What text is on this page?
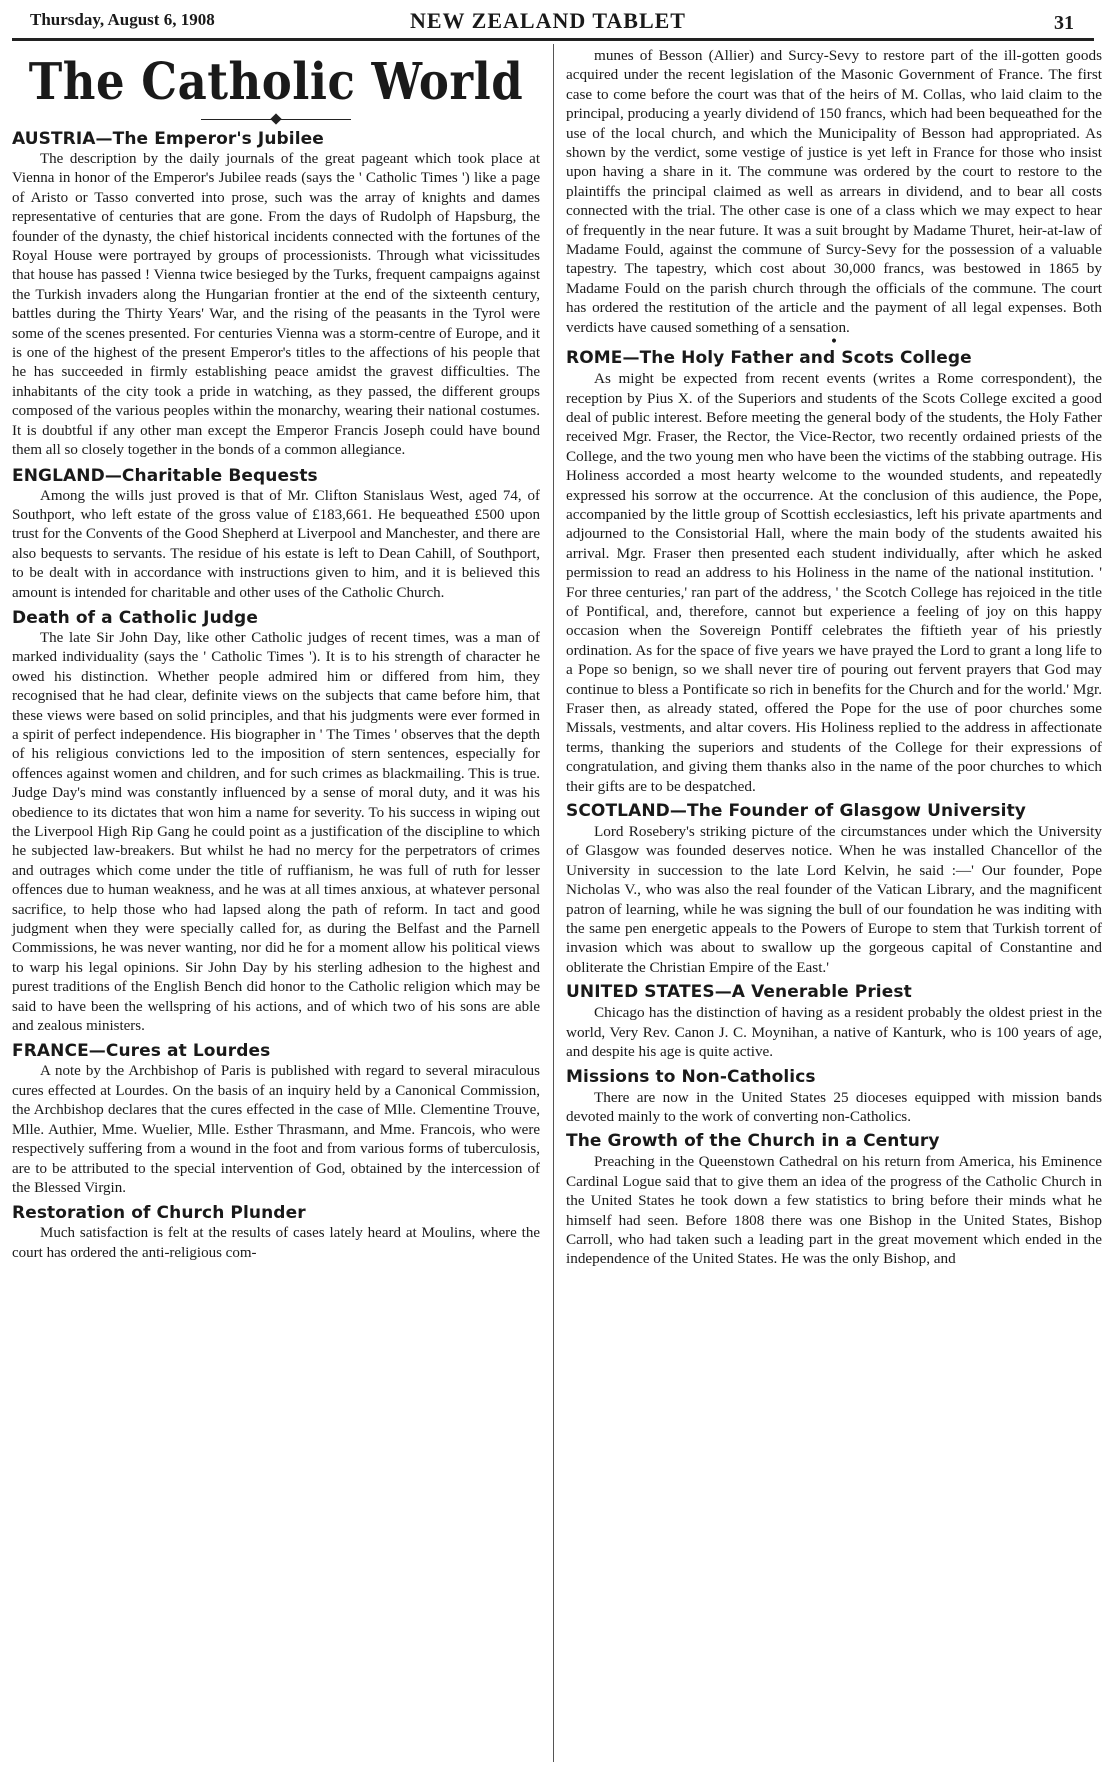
Thursday, August 6, 1908	NEW ZEALAND TABLET	31
The Catholic World
AUSTRIA—The Emperor's Jubilee

The description by the daily journals of the great pageant which took place at Vienna in honor of the Emperor's Jubilee reads (says the ' Catholic Times ') like a page of Aristo or Tasso converted into prose, such was the array of knights and dames representative of centuries that are gone. From the days of Rudolph of Hapsburg, the founder of the dynasty, the chief historical incidents connected with the fortunes of the Royal House were portrayed by groups of processionists. Through what vicissitudes that house has passed ! Vienna twice besieged by the Turks, frequent campaigns against the Turkish invaders along the Hungarian frontier at the end of the sixteenth century, battles during the Thirty Years' War, and the rising of the peasants in the Tyrol were some of the scenes presented. For centuries Vienna was a storm-centre of Europe, and it is one of the highest of the present Emperor's titles to the affections of his people that he has succeeded in firmly establishing peace amidst the gravest difficulties. The inhabitants of the city took a pride in watching, as they passed, the different groups composed of the various peoples within the monarchy, wearing their national costumes. It is doubtful if any other man except the Emperor Francis Joseph could have bound them all so closely together in the bonds of a common allegiance.

ENGLAND—Charitable Bequests

Among the wills just proved is that of Mr. Clifton Stanislaus West, aged 74, of Southport, who left estate of the gross value of £183,661. He bequeathed £500 upon trust for the Convents of the Good Shepherd at Liverpool and Manchester, and there are also bequests to servants. The residue of his estate is left to Dean Cahill, of Southport, to be dealt with in accordance with instructions given to him, and it is believed this amount is intended for charitable and other uses of the Catholic Church.

Death of a Catholic Judge

The late Sir John Day, like other Catholic judges of recent times, was a man of marked individuality (says the ' Catholic Times '). It is to his strength of character he owed his distinction. Whether people admired him or differed from him, they recognised that he had clear, definite views on the subjects that came before him, that these views were based on solid principles, and that his judgments were ever formed in a spirit of perfect independence. His biographer in ' The Times ' observes that the depth of his religious convictions led to the imposition of stern sentences, especially for offences against women and children, and for such crimes as blackmailing. This is true. Judge Day's mind was constantly influenced by a sense of moral duty, and it was his obedience to its dictates that won him a name for severity. To his success in wiping out the Liverpool High Rip Gang he could point as a justification of the discipline to which he subjected law-breakers. But whilst he had no mercy for the perpetrators of crimes and outrages which come under the title of ruffianism, he was full of ruth for lesser offences due to human weakness, and he was at all times anxious, at whatever personal sacrifice, to help those who had lapsed along the path of reform. In tact and good judgment when they were specially called for, as during the Belfast and the Parnell Commissions, he was never wanting, nor did he for a moment allow his political views to warp his legal opinions. Sir John Day by his sterling adhesion to the highest and purest traditions of the English Bench did honor to the Catholic religion which may be said to have been the wellspring of his actions, and of which two of his sons are able and zealous ministers.

FRANCE—Cures at Lourdes

A note by the Archbishop of Paris is published with regard to several miraculous cures effected at Lourdes. On the basis of an inquiry held by a Canonical Commission, the Archbishop declares that the cures effected in the case of Mlle. Clementine Trouve, Mlle. Authier, Mme. Wuelier, Mlle. Esther Thrasmann, and Mme. Francois, who were respectively suffering from a wound in the foot and from various forms of tuberculosis, are to be attributed to the special intervention of God, obtained by the intercession of the Blessed Virgin.

Restoration of Church Plunder

Much satisfaction is felt at the results of cases lately heard at Moulins, where the court has ordered the anti-religious com-

munes of Besson (Allier) and Surcy-Sevy to restore part of the ill-gotten goods acquired under the recent legislation of the Masonic Government of France. The first case to come before the court was that of the heirs of M. Collas, who laid claim to the principal, producing a yearly dividend of 150 francs, which had been bequeathed for the use of the local church, and which the Municipality of Besson had appropriated. As shown by the verdict, some vestige of justice is yet left in France for those who insist upon having a share in it. The commune was ordered by the court to restore to the plaintiffs the principal claimed as well as arrears in dividend, and to bear all costs connected with the trial. The other case is one of a class which we may expect to hear of frequently in the near future. It was a suit brought by Madame Thuret, heir-at-law of Madame Fould, against the commune of Surcy-Sevy for the possession of a valuable tapestry. The tapestry, which cost about 30,000 francs, was bestowed in 1865 by Madame Fould on the parish church through the officials of the commune. The court has ordered the restitution of the article and the payment of all legal expenses. Both verdicts have caused something of a sensation.

•
ROME—The Holy Father and Scots College

As might be expected from recent events (writes a Rome correspondent), the reception by Pius X. of the Superiors and students of the Scots College excited a good deal of public interest. Before meeting the general body of the students, the Holy Father received Mgr. Fraser, the Rector, the Vice-Rector, two recently ordained priests of the College, and the two young men who have been the victims of the stabbing outrage. His Holiness accorded a most hearty welcome to the wounded students, and repeatedly expressed his sorrow at the occurrence. At the conclusion of this audience, the Pope, accompanied by the little group of Scottish ecclesiastics, left his private apartments and adjourned to the Consistorial Hall, where the main body of the students awaited his arrival. Mgr. Fraser then presented each student individually, after which he asked permission to read an address to his Holiness in the name of the national institution. ' For three centuries,' ran part of the address, ' the Scotch College has rejoiced in the title of Pontifical, and, therefore, cannot but experience a feeling of joy on this happy occasion when the Sovereign Pontiff celebrates the fiftieth year of his priestly ordination. As for the space of five years we have prayed the Lord to grant a long life to a Pope so benign, so we shall never tire of pouring out fervent prayers that God may continue to bless a Pontificate so rich in benefits for the Church and for the world.' Mgr. Fraser then, as already stated, offered the Pope for the use of poor churches some Missals, vestments, and altar covers. His Holiness replied to the address in affectionate terms, thanking the superiors and students of the College for their expressions of congratulation, and giving them thanks also in the name of the poor churches to which their gifts are to be despatched.

SCOTLAND—The Founder of Glasgow University

Lord Rosebery's striking picture of the circumstances under which the University of Glasgow was founded deserves notice. When he was installed Chancellor of the University in succession to the late Lord Kelvin, he said :—' Our founder, Pope Nicholas V., who was also the real founder of the Vatican Library, and the magnificent patron of learning, while he was signing the bull of our foundation he was inditing with the same pen energetic appeals to the Powers of Europe to stem that Turkish torrent of invasion which was about to swallow up the gorgeous capital of Constantine and obliterate the Christian Empire of the East.'

UNITED STATES—A Venerable Priest

Chicago has the distinction of having as a resident probably the oldest priest in the world, Very Rev. Canon J. C. Moynihan, a native of Kanturk, who is 100 years of age, and despite his age is quite active.

Missions to Non-Catholics

There are now in the United States 25 dioceses equipped with mission bands devoted mainly to the work of converting non-Catholics.

The Growth of the Church in a Century

Preaching in the Queenstown Cathedral on his return from America, his Eminence Cardinal Logue said that to give them an idea of the progress of the Catholic Church in the United States he took down a few statistics to bring before their minds what he himself had seen. Before 1808 there was one Bishop in the United States, Bishop Carroll, who had taken such a leading part in the great movement which ended in the independence of the United States. He was the only Bishop, and
